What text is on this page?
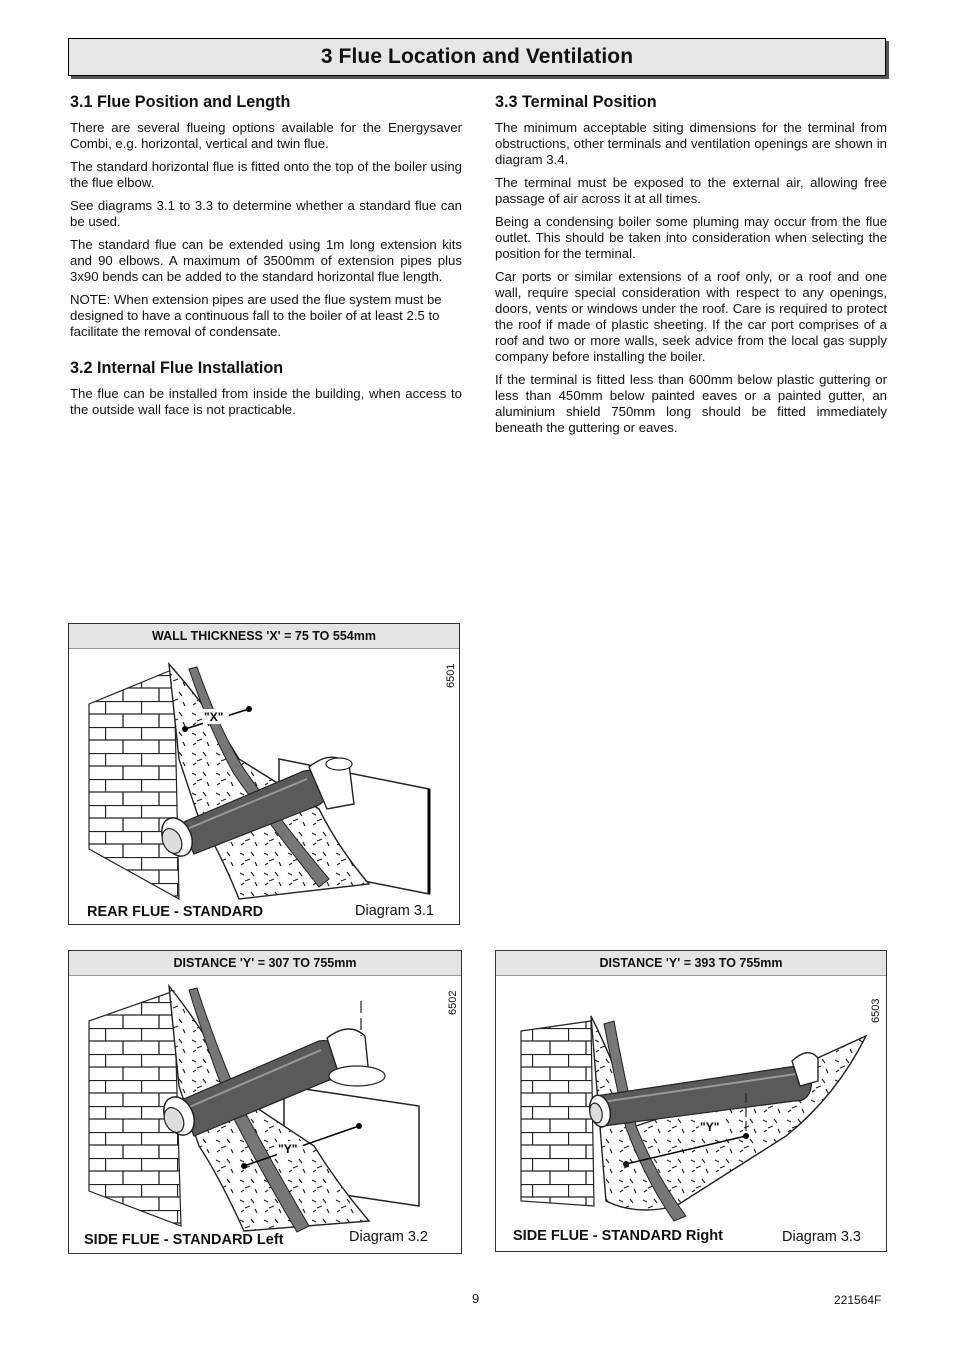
3 Flue Location and Ventilation
3.1 Flue Position and Length

There are several flueing options available for the Energysaver Combi, e.g. horizontal, vertical and twin flue.

The standard horizontal flue is fitted onto the top of the boiler using the flue elbow.

See diagrams 3.1 to 3.3 to determine whether a standard flue can be used.

The standard flue can be extended using 1m long extension kits and 90 elbows. A maximum of 3500mm of extension pipes plus 3x90 bends can be added to the standard horizontal flue length.

NOTE: When extension pipes are used the flue system must be designed to have a continuous fall to the boiler of at least 2.5 to facilitate the removal of condensate.

3.2 Internal Flue Installation

The flue can be installed from inside the building, when access to the outside wall face is not practicable.

3.3 Terminal Position

The minimum acceptable siting dimensions for the terminal from obstructions, other terminals and ventilation openings are shown in diagram 3.4.

The terminal must be exposed to the external air, allowing free passage of air across it at all times.

Being a condensing boiler some pluming may occur from the flue outlet. This should be taken into consideration when selecting the position for the terminal.

Car ports or similar extensions of a roof only, or a roof and one wall, require special consideration with respect to any openings, doors, vents or windows under the roof. Care is required to protect the roof if made of plastic sheeting. If the car port comprises of a roof and two or more walls, seek advice from the local gas supply company before installing the boiler.

If the terminal is fitted less than 600mm below plastic guttering or less than 450mm below painted eaves or a painted gutter, an aluminium shield 750mm long should be fitted immediately beneath the guttering or eaves.

WALL THICKNESS 'X' = 75 TO 554mm
"X"
6501
REAR FLUE - STANDARD	Diagram 3.1
DISTANCE 'Y' = 307 TO 755mm
"Y"
6502
SIDE FLUE - STANDARD Left	Diagram 3.2
DISTANCE 'Y' = 393 TO 755mm
"Y"
6503
SIDE FLUE - STANDARD Right	Diagram 3.3
9	221564F
